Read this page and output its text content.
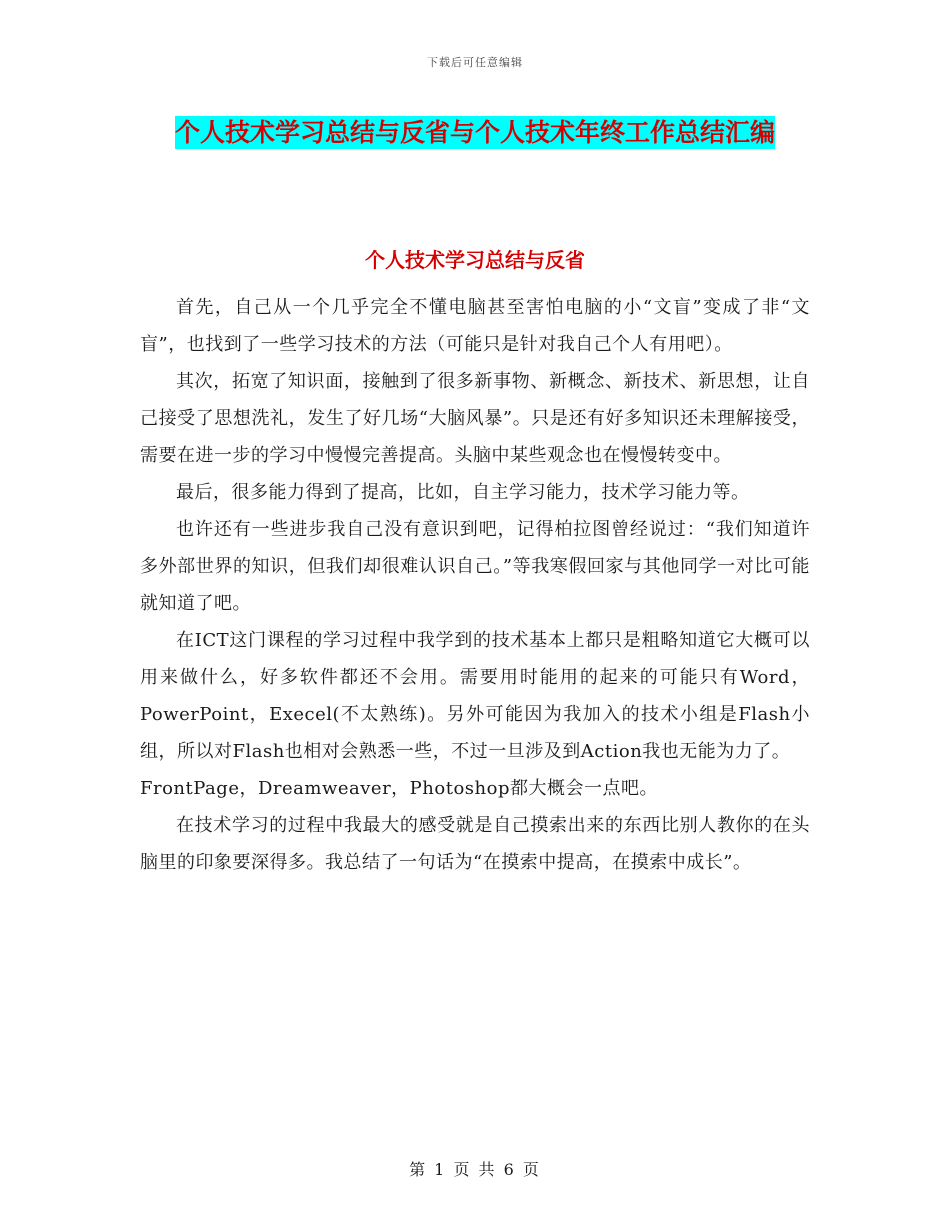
下载后可任意编辑
个人技术学习总结与反省与个人技术年终工作总结汇编
个人技术学习总结与反省

首先，自己从一个几乎完全不懂电脑甚至害怕电脑的小“文盲”变成了非“文盲”，也找到了一些学习技术的方法（可能只是针对我自己个人有用吧）。

其次，拓宽了知识面，接触到了很多新事物、新概念、新技术、新思想，让自己接受了思想洗礼，发生了好几场“大脑风暴”。只是还有好多知识还未理解接受，需要在进一步的学习中慢慢完善提高。头脑中某些观念也在慢慢转变中。

最后，很多能力得到了提高，比如，自主学习能力，技术学习能力等。

也许还有一些进步我自己没有意识到吧，记得柏拉图曾经说过：“我们知道许多外部世界的知识，但我们却很难认识自己。”等我寒假回家与其他同学一对比可能就知道了吧。

在ICT这门课程的学习过程中我学到的技术基本上都只是粗略知道它大概可以用来做什么，好多软件都还不会用。需要用时能用的起来的可能只有Word，PowerPoint，Execel(不太熟练)。另外可能因为我加入的技术小组是Flash小组，所以对Flash也相对会熟悉一些，不过一旦涉及到Action我也无能为力了。

FrontPage，Dreamweaver，Photoshop都大概会一点吧。

在技术学习的过程中我最大的感受就是自己摸索出来的东西比别人教你的在头脑里的印象要深得多。我总结了一句话为“在摸索中提高，在摸索中成长”。

第 1 页 共 6 页
